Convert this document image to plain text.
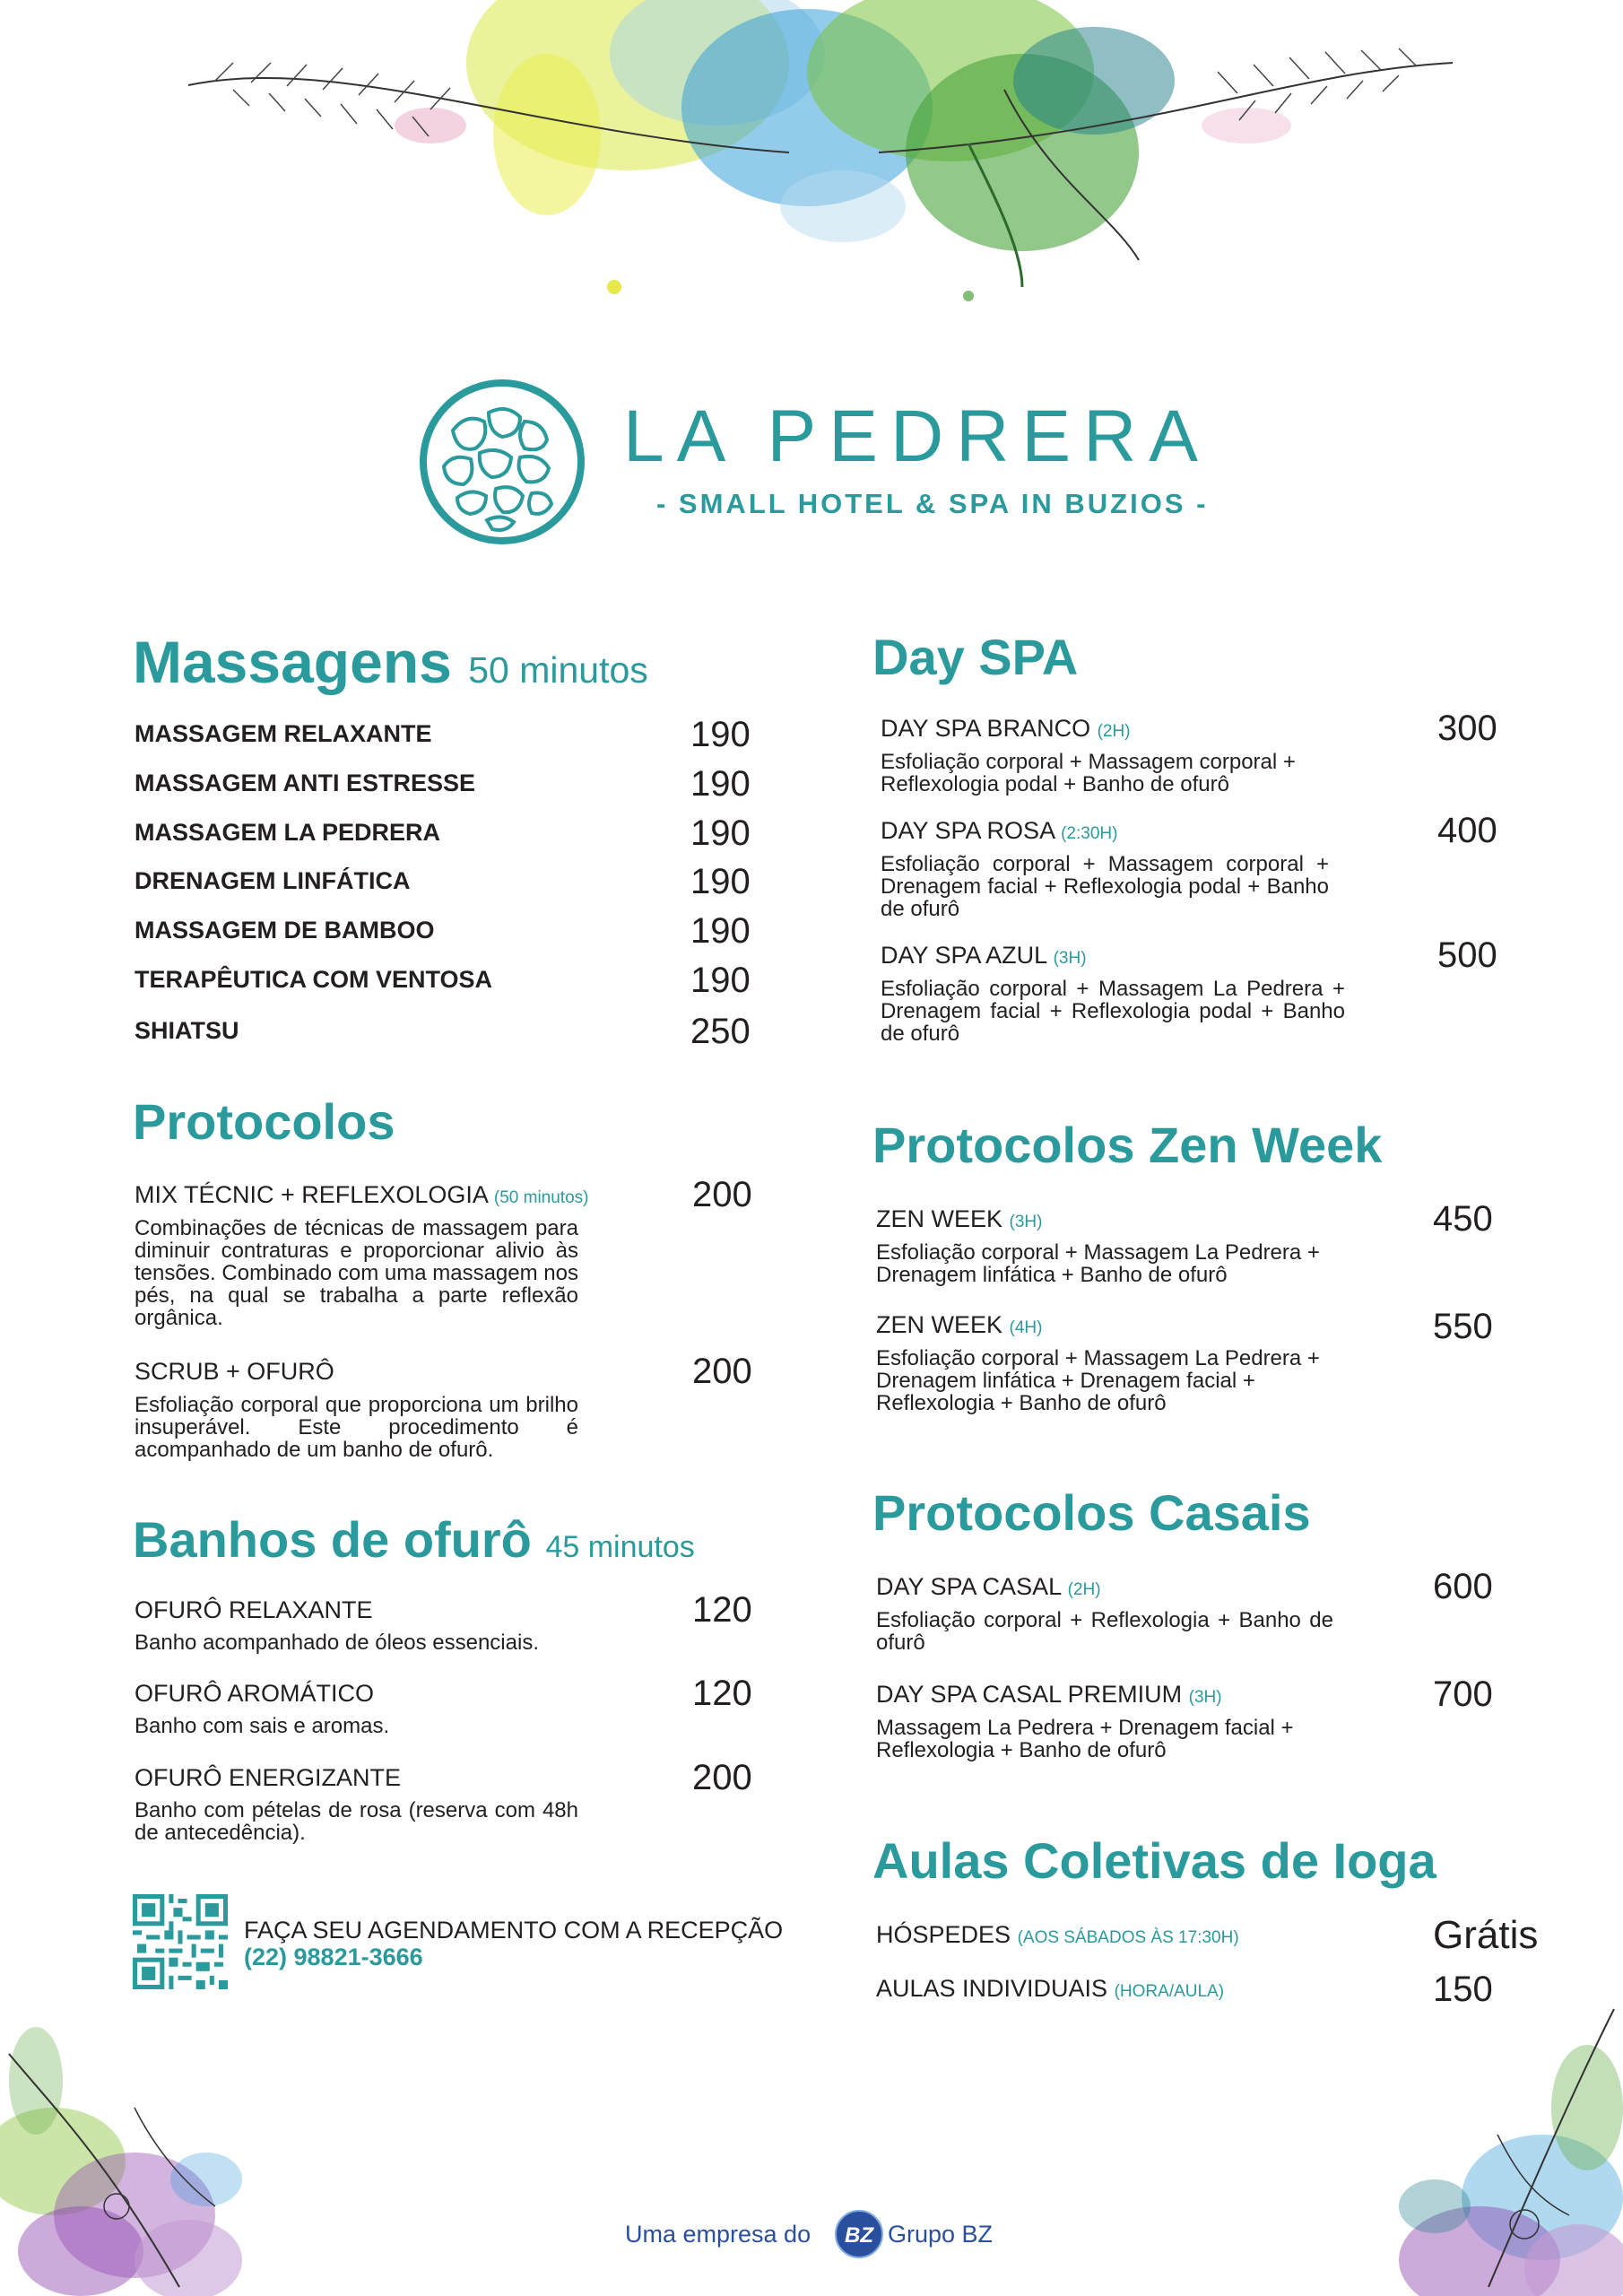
LA PEDRERA
- SMALL HOTEL & SPA IN BUZIOS -
Massagens 50 minutos
MASSAGEM RELAXANTE	190
MASSAGEM ANTI ESTRESSE	190
MASSAGEM LA PEDRERA	190
DRENAGEM LINFÁTICA	190
MASSAGEM DE BAMBOO	190
TERAPÊUTICA COM VENTOSA	190
SHIATSU	250
Protocolos
MIX TÉCNIC + REFLEXOLOGIA (50 minutos)	200
Combinações de técnicas de massagem para diminuir contraturas e proporcionar alivio às tensões. Combinado com uma massagem nos pés, na qual se trabalha a parte reflexão orgânica.
SCRUB + OFURÔ	200
Esfoliação corporal que proporciona um brilho insuperável. Este procedimento é acompanhado de um banho de ofurô.
Banhos de ofurô 45 minutos
OFURÔ RELAXANTE	120
Banho acompanhado de óleos essenciais.
OFURÔ AROMÁTICO	120
Banho com sais e aromas.
OFURÔ ENERGIZANTE	200
Banho com pételas de rosa (reserva com 48h de antecedência).
FAÇA SEU AGENDAMENTO COM A RECEPÇÃO
(22) 98821-3666
Day SPA
DAY SPA BRANCO (2H)	300
Esfoliação corporal + Massagem corporal + Reflexologia podal + Banho de ofurô
DAY SPA ROSA (2:30H)	400
Esfoliação corporal + Massagem corporal + Drenagem facial + Reflexologia podal + Banho de ofurô
DAY SPA AZUL (3H)	500
Esfoliação corporal + Massagem La Pedrera + Drenagem facial + Reflexologia podal + Banho de ofurô
Protocolos Zen Week
ZEN WEEK (3H)	450
Esfoliação corporal + Massagem La Pedrera + Drenagem linfática + Banho de ofurô
ZEN WEEK (4H)	550
Esfoliação corporal + Massagem La Pedrera + Drenagem linfática + Drenagem facial + Reflexologia + Banho de ofurô
Protocolos Casais
DAY SPA CASAL (2H)	600
Esfoliação corporal + Reflexologia + Banho de ofurô
DAY SPA CASAL PREMIUM (3H)	700
Massagem La Pedrera + Drenagem facial + Reflexologia + Banho de ofurô
Aulas Coletivas de Ioga
HÓSPEDES (AOS SÁBADOS ÀS 17:30H)	Grátis
AULAS INDIVIDUAIS (HORA/AULA)	150
Uma empresa do BZ Grupo BZ
